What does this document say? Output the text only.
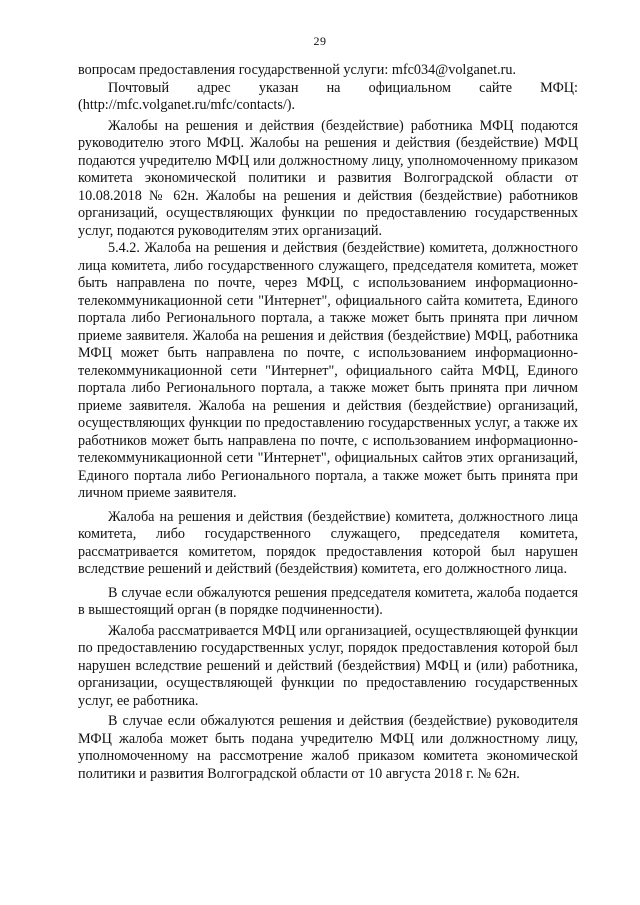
29

вопросам предоставления государственной услуги: mfc034@volganet.ru.

Почтовый адрес указан на официальном сайте МФЦ: (http://mfc.volganet.ru/mfc/contacts/).

Жалобы на решения и действия (бездействие) работника МФЦ подаются руководителю этого МФЦ. Жалобы на решения и действия (бездействие) МФЦ подаются учредителю МФЦ или должностному лицу, уполномоченному приказом комитета экономической политики и развития Волгоградской области от 10.08.2018 № 62н. Жалобы на решения и действия (бездействие) работников организаций, осуществляющих функции по предоставлению государственных услуг, подаются руководителям этих организаций.

5.4.2. Жалоба на решения и действия (бездействие) комитета, должностного лица комитета, либо государственного служащего, председателя комитета, может быть направлена по почте, через МФЦ, с использованием информационно-телекоммуникационной сети "Интернет", официального сайта комитета, Единого портала либо Регионального портала, а также может быть принята при личном приеме заявителя. Жалоба на решения и действия (бездействие) МФЦ, работника МФЦ может быть направлена по почте, с использованием информационно-телекоммуникационной сети "Интернет", официального сайта МФЦ, Единого портала либо Регионального портала, а также может быть принята при личном приеме заявителя. Жалоба на решения и действия (бездействие) организаций, осуществляющих функции по предоставлению государственных услуг, а также их работников может быть направлена по почте, с использованием информационно-телекоммуникационной сети "Интернет", официальных сайтов этих организаций, Единого портала либо Регионального портала, а также может быть принята при личном приеме заявителя.

Жалоба на решения и действия (бездействие) комитета, должностного лица комитета, либо государственного служащего, председателя комитета, рассматривается комитетом, порядок предоставления которой был нарушен вследствие решений и действий (бездействия) комитета, его должностного лица.

В случае если обжалуются решения председателя комитета, жалоба подается в вышестоящий орган (в порядке подчиненности).

Жалоба рассматривается МФЦ или организацией, осуществляющей функции по предоставлению государственных услуг, порядок предоставления которой был нарушен вследствие решений и действий (бездействия) МФЦ и (или) работника, организации, осуществляющей функции по предоставлению государственных услуг, ее работника.

В случае если обжалуются решения и действия (бездействие) руководителя МФЦ жалоба может быть подана учредителю МФЦ или должностному лицу, уполномоченному на рассмотрение жалоб приказом комитета экономической политики и развития Волгоградской области от 10 августа 2018 г. № 62н.
